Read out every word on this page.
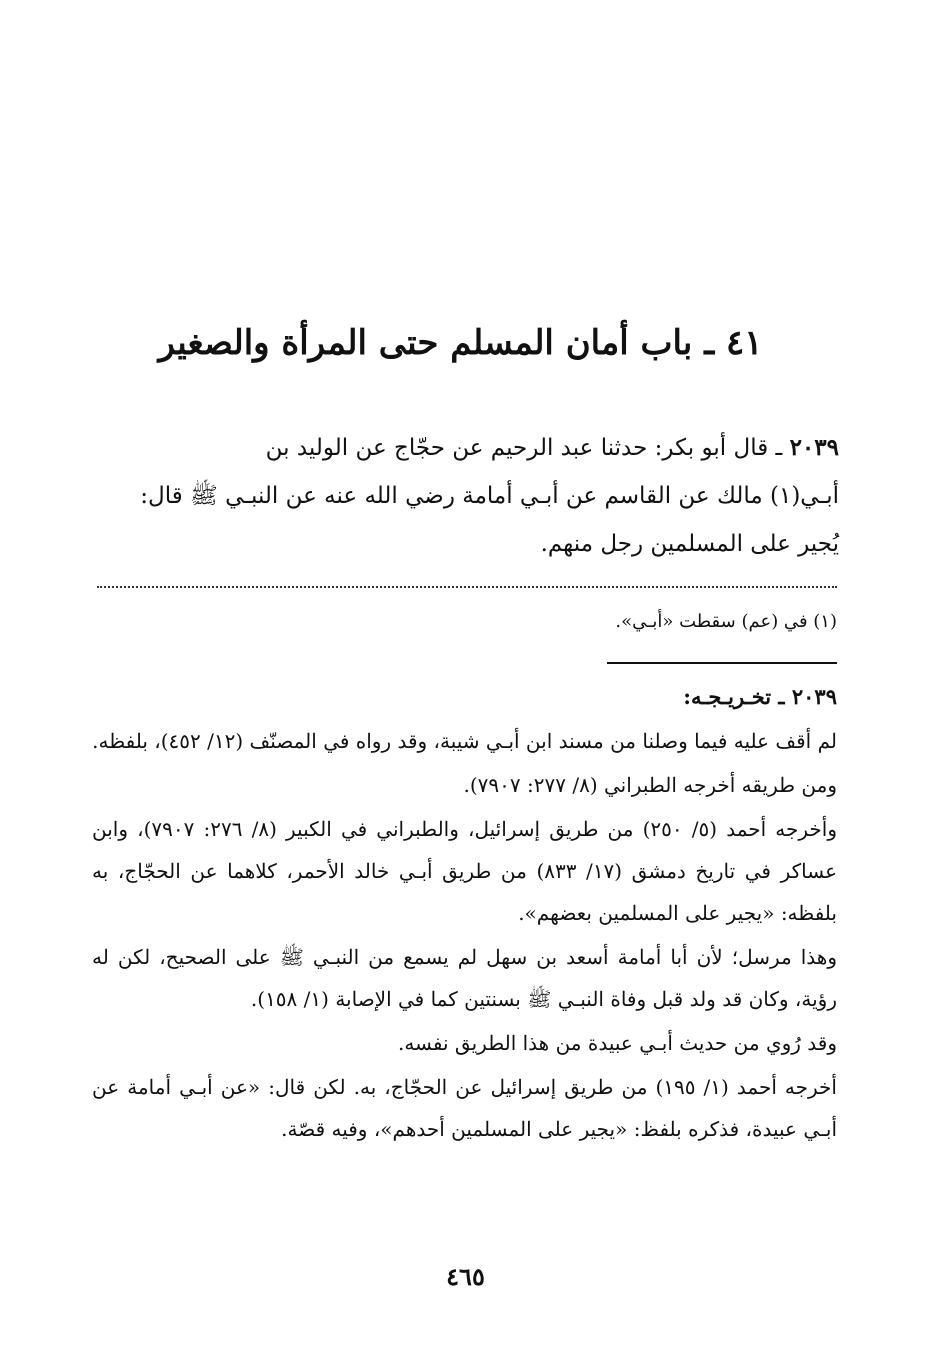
٤١ ـ باب أمان المسلم حتى المرأة والصغير

٢٠٣٩ ـ قال أبو بكر: حدثنا عبد الرحيم عن حجّاج عن الوليد بن

أبـي(١) مالك عن القاسم عن أبـي أمامة رضي الله عنه عن النبـي ﷺ قال:

يُجير على المسلمين رجل منهم.

(١) في (عم) سقطت «أبـي».

٢٠٣٩ ـ تخـريـجـه:

لم أقف عليه فيما وصلنا من مسند ابن أبـي شيبة، وقد رواه في المصنّف (١٢/ ٤٥٢)، بلفظه.

ومن طريقه أخرجه الطبراني (٨/ ٢٧٧: ٧٩٠٧).

وأخرجه أحمد (٥/ ٢٥٠) من طريق إسرائيل، والطبراني في الكبير (٨/ ٢٧٦: ٧٩٠٧)، وابن عساكر في تاريخ دمشق (١٧/ ٨٣٣) من طريق أبـي خالد الأحمر، كلاهما عن الحجّاج، به بلفظه: «يجير على المسلمين بعضهم».

وهذا مرسل؛ لأن أبا أمامة أسعد بن سهل لم يسمع من النبـي ﷺ على الصحيح، لكن له رؤية، وكان قد ولد قبل وفاة النبـي ﷺ بسنتين كما في الإصابة (١/ ١٥٨).

وقد رُوي من حديث أبـي عبيدة من هذا الطريق نفسه.

أخرجه أحمد (١/ ١٩٥) من طريق إسرائيل عن الحجّاج، به. لكن قال: «عن أبـي أمامة عن أبـي عبيدة، فذكره بلفظ: «يجير على المسلمين أحدهم»، وفيه قصّة.

٤٦٥
